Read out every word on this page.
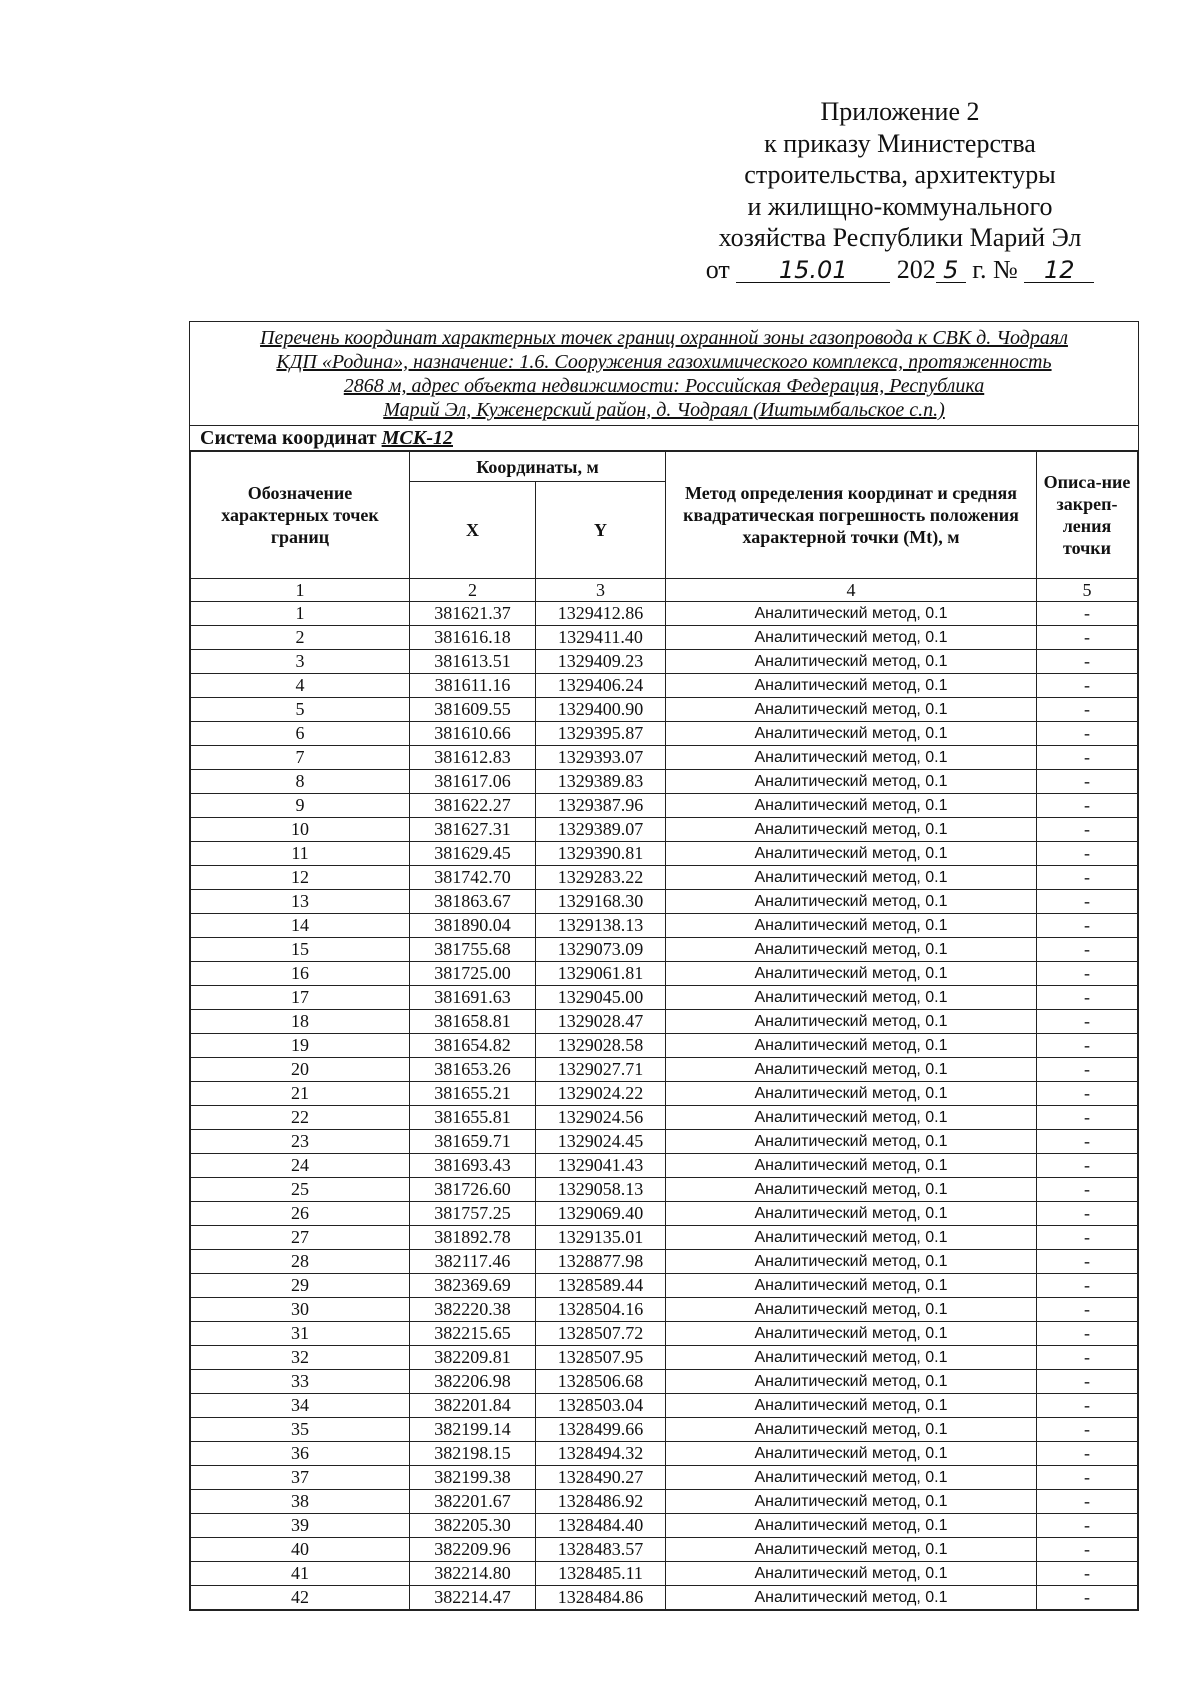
Приложение 2
к приказу Министерства
строительства, архитектуры
и жилищно-коммунального
хозяйства Республики Марий Эл
от 15.01 202 5 г. № 12
Перечень координат характерных точек границ охранной зоны газопровода к СВК д. Чодраял
КДП «Родина», назначение: 1.6. Сооружения газохимического комплекса, протяженность
2868 м, адрес объекта недвижимости: Российская Федерация, Республика
Марий Эл, Куженерский район, д. Чодраял (Иштымбальское с.п.)
Система координат МСК-12
Обозначение характерных точек границ	Координаты, м		Метод определения координат и средняя квадратическая погрешность положения характерной точки (Mt), м	Описа-ние закреп-ления точки
	X	Y		
1	2	3	4	5
1	381621.37	1329412.86	Аналитический метод, 0.1	-
2	381616.18	1329411.40	Аналитический метод, 0.1	-
3	381613.51	1329409.23	Аналитический метод, 0.1	-
4	381611.16	1329406.24	Аналитический метод, 0.1	-
5	381609.55	1329400.90	Аналитический метод, 0.1	-
6	381610.66	1329395.87	Аналитический метод, 0.1	-
7	381612.83	1329393.07	Аналитический метод, 0.1	-
8	381617.06	1329389.83	Аналитический метод, 0.1	-
9	381622.27	1329387.96	Аналитический метод, 0.1	-
10	381627.31	1329389.07	Аналитический метод, 0.1	-
11	381629.45	1329390.81	Аналитический метод, 0.1	-
12	381742.70	1329283.22	Аналитический метод, 0.1	-
13	381863.67	1329168.30	Аналитический метод, 0.1	-
14	381890.04	1329138.13	Аналитический метод, 0.1	-
15	381755.68	1329073.09	Аналитический метод, 0.1	-
16	381725.00	1329061.81	Аналитический метод, 0.1	-
17	381691.63	1329045.00	Аналитический метод, 0.1	-
18	381658.81	1329028.47	Аналитический метод, 0.1	-
19	381654.82	1329028.58	Аналитический метод, 0.1	-
20	381653.26	1329027.71	Аналитический метод, 0.1	-
21	381655.21	1329024.22	Аналитический метод, 0.1	-
22	381655.81	1329024.56	Аналитический метод, 0.1	-
23	381659.71	1329024.45	Аналитический метод, 0.1	-
24	381693.43	1329041.43	Аналитический метод, 0.1	-
25	381726.60	1329058.13	Аналитический метод, 0.1	-
26	381757.25	1329069.40	Аналитический метод, 0.1	-
27	381892.78	1329135.01	Аналитический метод, 0.1	-
28	382117.46	1328877.98	Аналитический метод, 0.1	-
29	382369.69	1328589.44	Аналитический метод, 0.1	-
30	382220.38	1328504.16	Аналитический метод, 0.1	-
31	382215.65	1328507.72	Аналитический метод, 0.1	-
32	382209.81	1328507.95	Аналитический метод, 0.1	-
33	382206.98	1328506.68	Аналитический метод, 0.1	-
34	382201.84	1328503.04	Аналитический метод, 0.1	-
35	382199.14	1328499.66	Аналитический метод, 0.1	-
36	382198.15	1328494.32	Аналитический метод, 0.1	-
37	382199.38	1328490.27	Аналитический метод, 0.1	-
38	382201.67	1328486.92	Аналитический метод, 0.1	-
39	382205.30	1328484.40	Аналитический метод, 0.1	-
40	382209.96	1328483.57	Аналитический метод, 0.1	-
41	382214.80	1328485.11	Аналитический метод, 0.1	-
42	382214.47	1328484.86	Аналитический метод, 0.1	-
